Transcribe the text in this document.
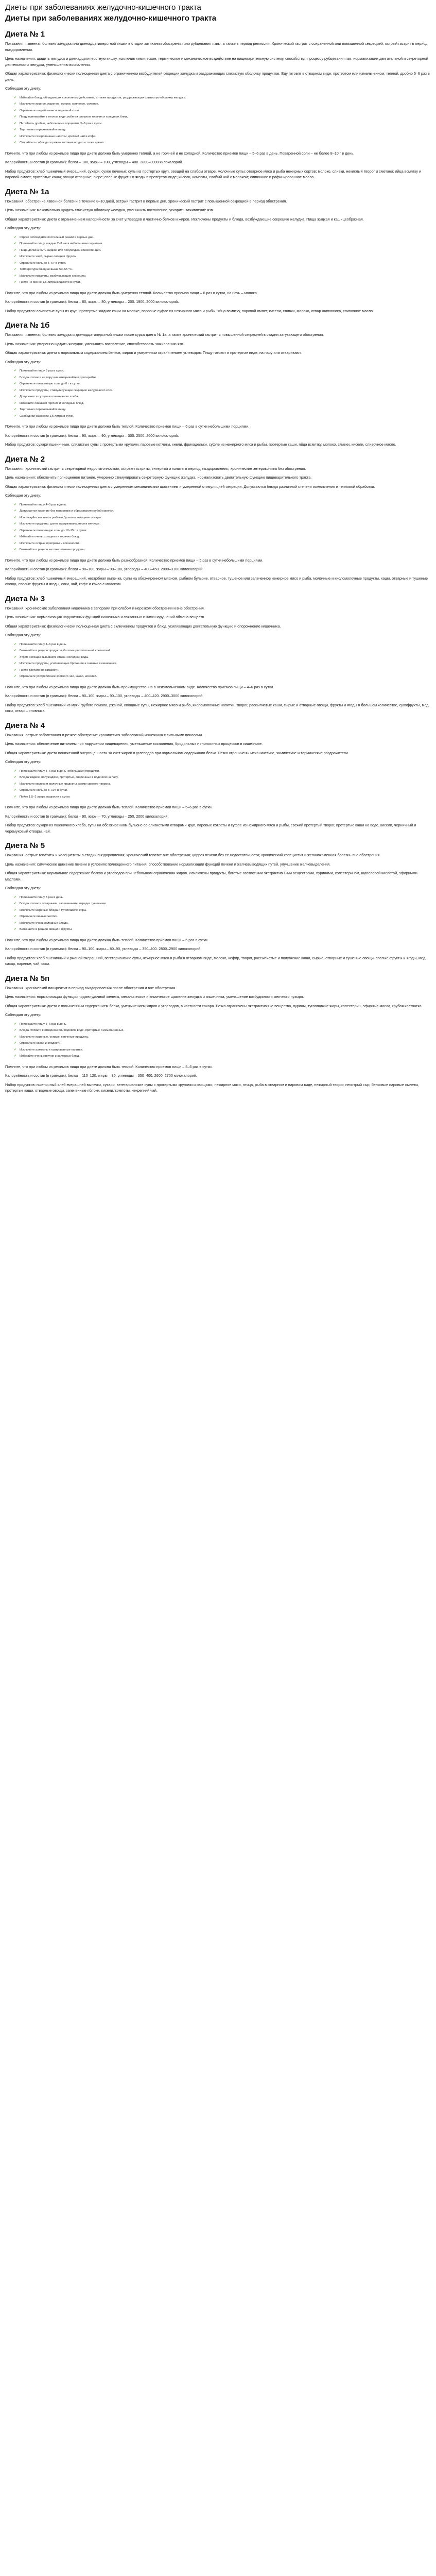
Диеты при заболеваниях желудочно-кишечного тракта
Диеты при заболеваниях желудочно-кишечного тракта
Диета № 1

Показания: язвенная болезнь желудка или двенадцатиперстной кишки в стадии затихания обострения или рубцевания язвы, а также в период ремиссии. Хронический гастрит с сохраненной или повышенной секрецией; острый гастрит в период выздоровления.

Цель назначения: щадить желудок и двенадцатиперстную кишку, исключив химическое, термическое и механическое воздействие на пищеварительную систему, способствуя процессу рубцевания язв, нормализации двигательной и секреторной деятельности желудка, уменьшению воспаления.

Общая характеристика: физиологически полноценная диета с ограничением возбудителей секреции желудка и раздражающих слизистую оболочку продуктов. Еду готовят в отварном виде, протертом или измельченном; теплой, дробно 5–6 раз в день.

Соблюдая эту диету:

✔ Избегайте блюд, обладающих сокогонным действием, а также продуктов, раздражающих слизистую оболочку желудка.
✔ Исключите жирное, жареное, острое, копченое, соленое.
✔ Ограничьте потребление поваренной соли.
✔ Пищу принимайте в теплом виде, избегая слишком горячих и холодных блюд.
✔ Питайтесь дробно, небольшими порциями, 5–6 раз в сутки.
✔ Тщательно пережевывайте пищу.
✔ Исключите газированные напитки, крепкий чай и кофе.
✔ Старайтесь соблюдать режим питания в одно и то же время.

Помните, что при любом из режимов пища при диете должна быть умеренно теплой, а не горячей и не холодной. Количество приемов пищи – 5–6 раз в день. Поваренной соли – не более 8–10 г в день.

Калорийность и состав (в граммах): белки – 100, жиры – 100, углеводы – 400. 2800–3000 килокалорий.

Набор продуктов: хлеб пшеничный вчерашний, сухари, сухое печенье; супы из протертых круп, овощей на слабом отваре, молочные супы; отварное мясо и рыба нежирных сортов; молоко, сливки, некислый творог и сметана; яйца всмятку и паровой омлет; протертые каши; овощи отварные, пюре; спелые фрукты и ягоды в протертом виде; кисели, компоты, слабый чай с молоком; сливочное и рафинированное масло.

Диета № 1а

Показания: обострение язвенной болезни в течение 8–10 дней, острый гастрит в первые дни, хронический гастрит с повышенной секрецией в период обострения.

Цель назначения: максимально щадить слизистую оболочку желудка, уменьшить воспаление, ускорить заживление язв.

Общая характеристика: диета с ограничением калорийности за счет углеводов и частично белков и жиров. Исключены продукты и блюда, возбуждающие секрецию желудка. Пища жидкая и кашицеобразная.

Соблюдая эту диету:

✔ Строго соблюдайте постельный режим в первые дни.
✔ Принимайте пищу каждые 2–3 часа небольшими порциями.
✔ Пища должна быть жидкой или полужидкой консистенции.
✔ Исключите хлеб, сырые овощи и фрукты.
✔ Ограничьте соль до 5–6 г в сутки.
✔ Температура блюд не выше 50–55 °С.
✔ Исключите продукты, возбуждающие секрецию.
✔ Пейте не менее 1,5 литра жидкости в сутки.

Помните, что при любом из режимов пища при диете должна быть умеренно теплой. Количество приемов пищи – 6 раз в сутки, на ночь – молоко.

Калорийность и состав (в граммах): белки – 80, жиры – 80, углеводы – 200. 1900–2000 килокалорий.

Набор продуктов: слизистые супы из круп, протертые жидкие каши на молоке, паровые суфле из нежирного мяса и рыбы, яйца всмятку, паровой омлет, кисели, сливки, молоко, отвар шиповника, сливочное масло.

Диета № 1б

Показания: язвенная болезнь желудка и двенадцатиперстной кишки после курса диеты № 1а, а также хронический гастрит с повышенной секрецией в стадии затухающего обострения.

Цель назначения: умеренно щадить желудок, уменьшить воспаление, способствовать заживлению язв.

Общая характеристика: диета с нормальным содержанием белков, жиров и умеренным ограничением углеводов. Пищу готовят в протертом виде, на пару или отваривают.

Соблюдая эту диету:

✔ Принимайте пищу 6 раз в сутки.
✔ Блюда готовьте на пару или отваривайте и протирайте.
✔ Ограничьте поваренную соль до 8 г в сутки.
✔ Исключите продукты, стимулирующие секрецию желудочного сока.
✔ Допускаются сухари из пшеничного хлеба.
✔ Избегайте слишком горячих и холодных блюд.
✔ Тщательно пережевывайте пищу.
✔ Свободной жидкости 1,5 литра в сутки.

Помните, что при любом из режимов пища при диете должна быть теплой. Количество приемов пищи – 6 раз в сутки небольшими порциями.

Калорийность и состав (в граммах): белки – 90, жиры – 90, углеводы – 300. 2500–2600 килокалорий.

Набор продуктов: сухари пшеничные, слизистые супы с протертыми крупами, паровые котлеты, кнели, фрикадельки, суфле из нежирного мяса и рыбы, протертые каши, яйца всмятку, молоко, сливки, кисели, сливочное масло.

Диета № 2

Показания: хронический гастрит с секреторной недостаточностью; острые гастриты, энтериты и колиты в период выздоровления; хронические энтероколиты без обострения.

Цель назначения: обеспечить полноценное питание, умеренно стимулировать секреторную функцию желудка, нормализовать двигательную функцию пищеварительного тракта.

Общая характеристика: физиологически полноценная диета с умеренным механическим щажением и умеренной стимуляцией секреции. Допускаются блюда различной степени измельчения и тепловой обработки.

Соблюдая эту диету:

✔ Принимайте пищу 4–5 раз в день.
✔ Допускается жарение без панировки и образования грубой корочки.
✔ Используйте мясные и рыбные бульоны, овощные отвары.
✔ Исключите продукты, долго задерживающиеся в желудке.
✔ Ограничьте поваренную соль до 12–15 г в сутки.
✔ Избегайте очень холодных и горячих блюд.
✔ Исключите острые приправы и копчености.
✔ Включайте в рацион кисломолочные продукты.

Помните, что при любом из режимов пища при диете должна быть разнообразной. Количество приемов пищи – 5 раз в сутки небольшими порциями.

Калорийность и состав (в граммах): белки – 90–100, жиры – 90–100, углеводы – 400–450. 2800–3100 килокалорий.

Набор продуктов: хлеб пшеничный вчерашний, несдобная выпечка, супы на обезжиренном мясном, рыбном бульоне, отварное, тушеное или запеченное нежирное мясо и рыба, молочные и кисломолочные продукты, каши, отварные и тушеные овощи, спелые фрукты и ягоды, соки, чай, кофе и какао с молоком.

Диета № 3

Показания: хронические заболевания кишечника с запорами при слабом и нерезком обострении и вне обострения.

Цель назначения: нормализация нарушенных функций кишечника и связанных с ними нарушений обмена веществ.

Общая характеристика: физиологически полноценная диета с включением продуктов и блюд, усиливающих двигательную функцию и опорожнение кишечника.

Соблюдая эту диету:

✔ Принимайте пищу 4–6 раз в день.
✔ Включайте в рацион продукты, богатые растительной клетчаткой.
✔ Утром натощак выпивайте стакан холодной воды.
✔ Исключите продукты, усиливающие брожение и гниение в кишечнике.
✔ Пейте достаточно жидкости.
✔ Ограничьте употребление крепкого чая, какао, киселей.

Помните, что при любом из режимов пища при диете должна быть преимущественно в неизмельченном виде. Количество приемов пищи – 4–6 раз в сутки.

Калорийность и состав (в граммах): белки – 90–100, жиры – 90–100, углеводы – 400–420. 2900–3000 килокалорий.

Набор продуктов: хлеб пшеничный из муки грубого помола, ржаной, овощные супы, нежирное мясо и рыба, кисломолочные напитки, творог, рассыпчатые каши, сырые и отварные овощи, фрукты и ягоды в большом количестве, сухофрукты, мед, соки, отвар шиповника.

Диета № 4

Показания: острые заболевания и резкое обострение хронических заболеваний кишечника с сильными поносами.

Цель назначения: обеспечение питанием при нарушении пищеварения, уменьшение воспаления, бродильных и гнилостных процессов в кишечнике.

Общая характеристика: диета пониженной энергоценности за счет жиров и углеводов при нормальном содержании белка. Резко ограничены механические, химические и термические раздражители.

Соблюдая эту диету:

✔ Принимайте пищу 5–6 раз в день небольшими порциями.
✔ Блюда жидкие, полужидкие, протертые, сваренные в воде или на пару.
✔ Исключите молоко и молочные продукты, кроме свежего творога.
✔ Ограничьте соль до 8–10 г в сутки.
✔ Пейте 1,5–2 литра жидкости в сутки.

Помните, что при любом из режимов пища при диете должна быть теплой. Количество приемов пищи – 5–6 раз в сутки.

Калорийность и состав (в граммах): белки – 90, жиры – 70, углеводы – 250. 2000 килокалорий.

Набор продуктов: сухари из пшеничного хлеба, супы на обезжиренном бульоне со слизистыми отварами круп, паровые котлеты и суфле из нежирного мяса и рыбы, свежий протертый творог, протертые каши на воде, кисели, черничный и черемуховый отвары, чай.

Диета № 5

Показания: острые гепатиты и холециститы в стадии выздоровления; хронический гепатит вне обострения; цирроз печени без ее недостаточности; хронический холецистит и желчнокаменная болезнь вне обострения.

Цель назначения: химическое щажение печени в условиях полноценного питания, способствование нормализации функций печени и желчевыводящих путей, улучшение желчевыделения.

Общая характеристика: нормальное содержание белков и углеводов при небольшом ограничении жиров. Исключены продукты, богатые азотистыми экстрактивными веществами, пуринами, холестерином, щавелевой кислотой, эфирными маслами.

Соблюдая эту диету:

✔ Принимайте пищу 5 раз в день.
✔ Блюда готовьте отварными, запеченными, изредка тушеными.
✔ Исключите жареные блюда и тугоплавкие жиры.
✔ Ограничьте яичные желтки.
✔ Исключите очень холодные блюда.
✔ Включайте в рацион овощи и фрукты.

Помните, что при любом из режимов пища при диете должна быть теплой. Количество приемов пищи – 5 раз в сутки.

Калорийность и состав (в граммах): белки – 90–100, жиры – 80–90, углеводы – 350–400. 2800–2900 килокалорий.

Набор продуктов: хлеб пшеничный и ржаной вчерашний, вегетарианские супы, нежирное мясо и рыба в отварном виде, молоко, кефир, творог, рассыпчатые и полувязкие каши, сырые, отварные и тушеные овощи, спелые фрукты и ягоды, мед, сахар, варенье, чай, соки.

Диета № 5п

Показания: хронический панкреатит в период выздоровления после обострения и вне обострения.

Цель назначения: нормализация функции поджелудочной железы, механическое и химическое щажение желудка и кишечника, уменьшение возбудимости желчного пузыря.

Общая характеристика: диета с повышенным содержанием белка, уменьшением жиров и углеводов, в частности сахара. Резко ограничены экстрактивные вещества, пурины, тугоплавкие жиры, холестерин, эфирные масла, грубая клетчатка.

Соблюдая эту диету:

✔ Принимайте пищу 5–6 раз в день.
✔ Блюда готовьте в отварном или паровом виде, протертые и измельченные.
✔ Исключите жареные, острые, копченые продукты.
✔ Ограничьте сахар и сладости.
✔ Исключите алкоголь и газированные напитки.
✔ Избегайте очень горячих и холодных блюд.

Помните, что при любом из режимов пища при диете должна быть теплой. Количество приемов пищи – 5–6 раз в сутки.

Калорийность и состав (в граммах): белки – 110–120, жиры – 80, углеводы – 350–400. 2600–2700 килокалорий.

Набор продуктов: пшеничный хлеб вчерашней выпечки, сухари, вегетарианские супы с протертыми крупами и овощами, нежирное мясо, птица, рыба в отварном и паровом виде, нежирный творог, неострый сыр, белковые паровые омлеты, протертые каши, отварные овощи, запеченные яблоки, кисели, компоты, некрепкий чай.
